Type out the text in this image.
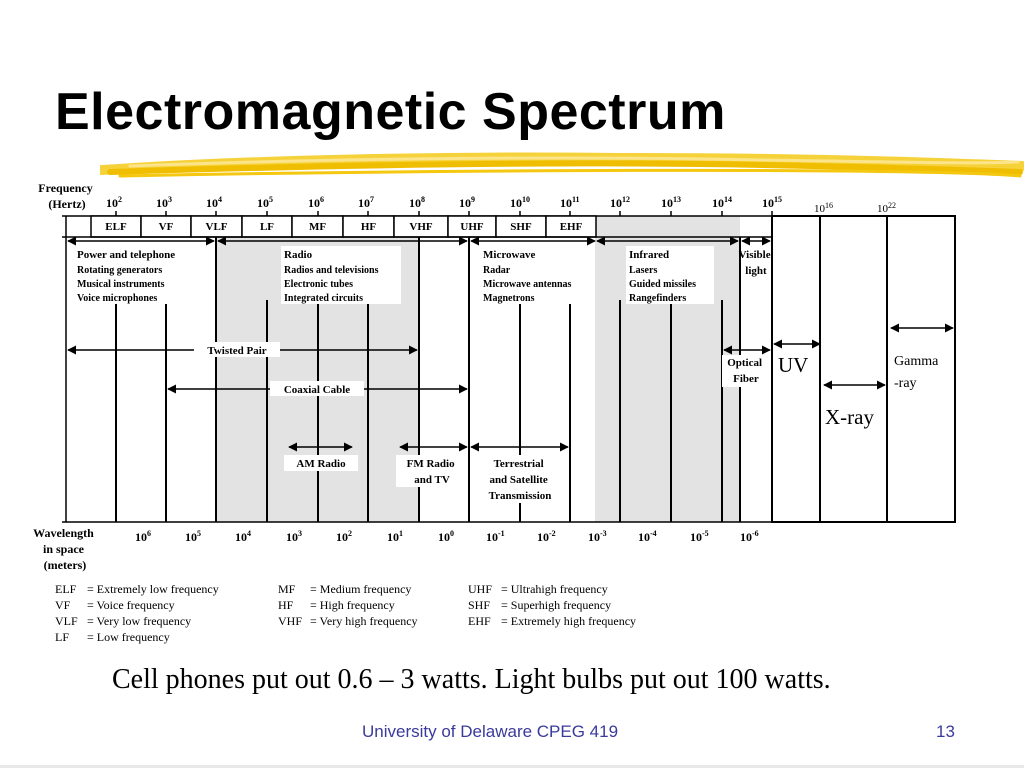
Electromagnetic Spectrum
Frequency (Hertz)	$10^2$	$10^3$	$10^4$	$10^5$	$10^6$	$10^7$	$10^8$	$10^9$	$10^{10}$	$10^{11}$	$10^{12}$	$10^{13}$	$10^{14}$	$10^{15}$
ELF	VF	VLF	LF	MF	HF	VHF	UHF SHF	EHF
$10^{16}$	$10^{22}$
Power and telephone
Rotating generators
Musical instruments
Voice microphones
Radio
Radios and televisions
Electronic tubes
Integrated circuits
Microwave
Radar
Microwave antennas
Magnetrons
Infrared
Lasers
Guided missiles
Rangefinders
Visible light
Twisted Pair
Coaxial Cable
Optical Fiber
AM Radio	FM Radio and TV
Terrestrial and Satellite Transmission
UV
X-ray
Gamma -ray
Wavelength in space (meters)
$10^6$	$10^5$	$10^4$	$10^3$	$10^2$	$10^1$	$10^0$	$10^{-1}$	$10^{-2}$	$10^{-3}$	$10^{-4}$	$10^{-5}$	$10^{-6}$
ELF = Extremely low frequency
VF = Voice frequency
VLF = Very low frequency
LF = Low frequency
MF = Medium frequency
HF = High frequency
VHF = Very high frequency
UHF = Ultrahigh frequency
SHF = Superhigh frequency
EHF = Extremely high frequency
Cell phones put out 0.6 – 3 watts. Light bulbs put out 100 watts.
University of Delaware CPEG 419	13
